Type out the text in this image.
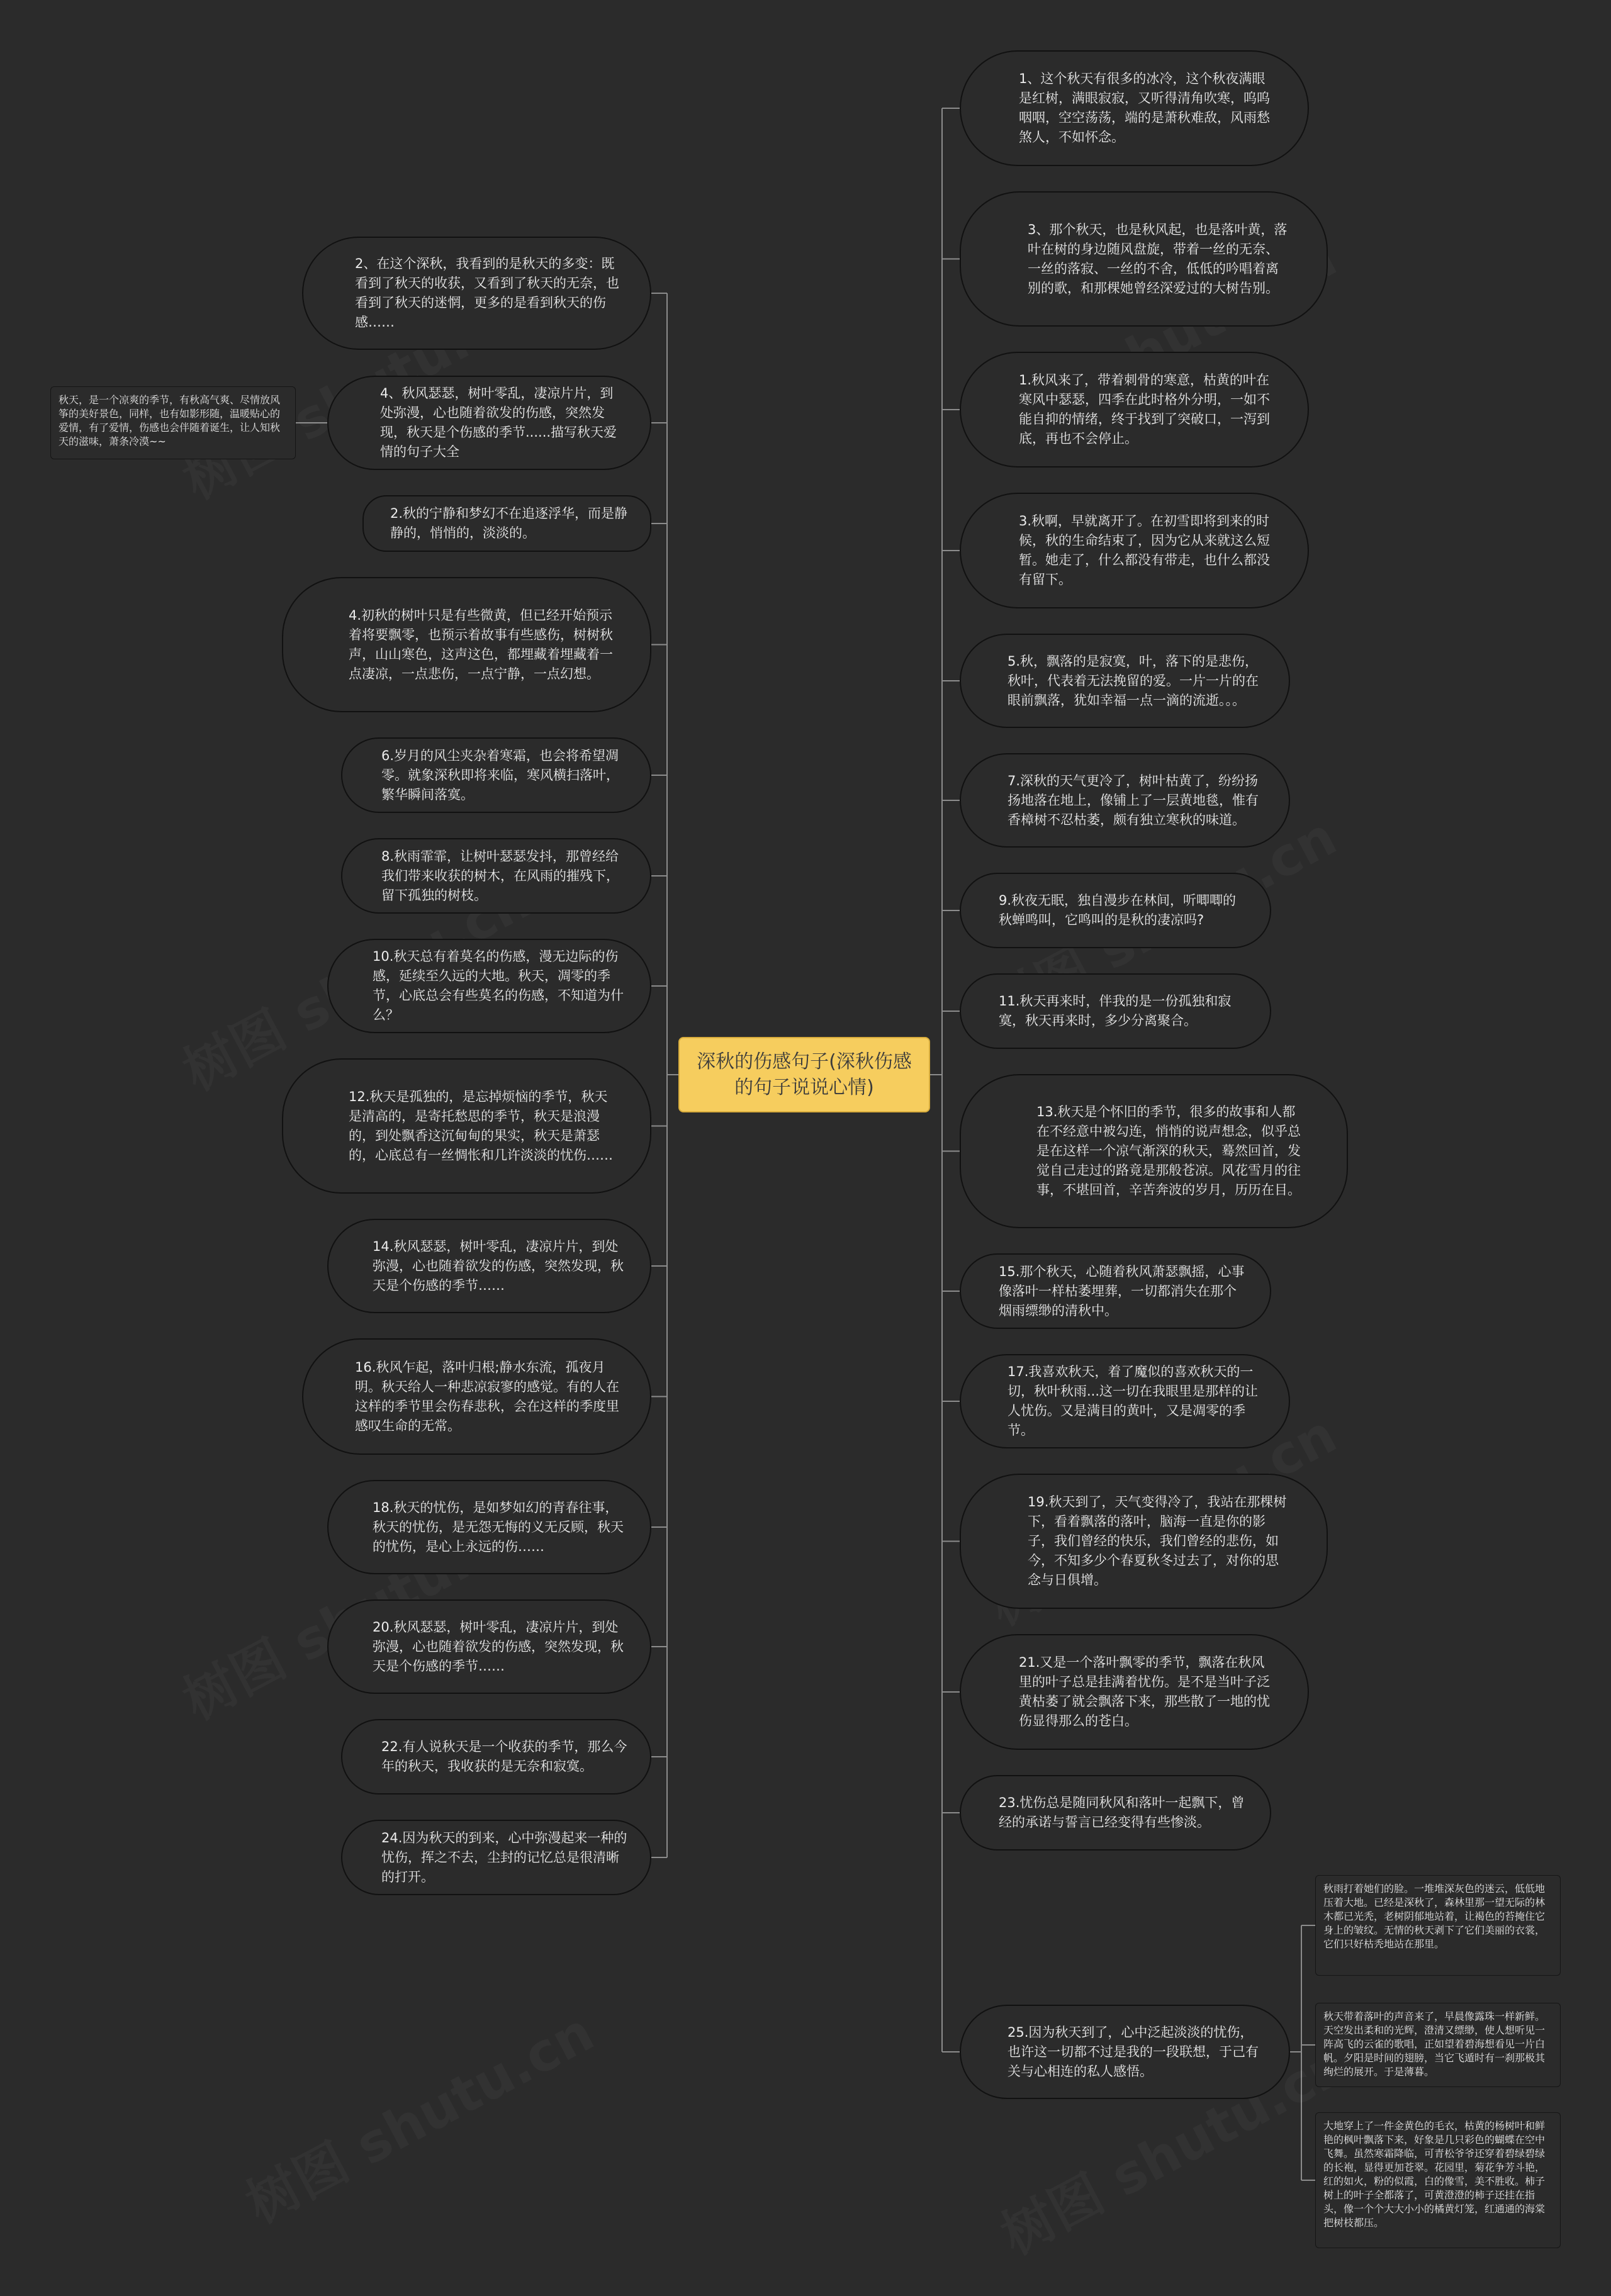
深秋的伤感句子(深秋伤感的句子说说心情)
2、在这个深秋，我看到的是秋天的多变：既看到了秋天的收获，又看到了秋天的无奈，也看到了秋天的迷惘，更多的是看到秋天的伤感……
4、秋风瑟瑟，树叶零乱，凄凉片片，到处弥漫，心也随着欲发的伤感，突然发现，秋天是个伤感的季节......描写秋天爱情的句子大全
2.秋的宁静和梦幻不在追逐浮华，而是静静的，悄悄的，淡淡的。
4.初秋的树叶只是有些微黄，但已经开始预示着将要飘零，也预示着故事有些感伤，树树秋声，山山寒色，这声这色，都埋藏着埋藏着一点凄凉，一点悲伤，一点宁静，一点幻想。
6.岁月的风尘夹杂着寒霜，也会将希望凋零。就象深秋即将来临，寒风横扫落叶，繁华瞬间落寞。
8.秋雨霏霏，让树叶瑟瑟发抖，那曾经给我们带来收获的树木，在风雨的摧残下，留下孤独的树枝。
10.秋天总有着莫名的伤感，漫无边际的伤感，延续至久远的大地。秋天，凋零的季节，心底总会有些莫名的伤感，不知道为什么？
12.秋天是孤独的，是忘掉烦恼的季节，秋天是清高的，是寄托愁思的季节，秋天是浪漫的，到处飘香这沉甸甸的果实，秋天是萧瑟的，心底总有一丝惆怅和几许淡淡的忧伤……
14.秋风瑟瑟，树叶零乱，凄凉片片，到处弥漫，心也随着欲发的伤感，突然发现，秋天是个伤感的季节……
16.秋风乍起，落叶归根;静水东流，孤夜月明。秋天给人一种悲凉寂寥的感觉。有的人在这样的季节里会伤春悲秋，会在这样的季度里感叹生命的无常。
18.秋天的忧伤，是如梦如幻的青春往事，秋天的忧伤，是无怨无悔的义无反顾，秋天的忧伤，是心上永远的伤……
20.秋风瑟瑟，树叶零乱，凄凉片片，到处弥漫，心也随着欲发的伤感，突然发现，秋天是个伤感的季节……
22.有人说秋天是一个收获的季节，那么今年的秋天，我收获的是无奈和寂寞。
24.因为秋天的到来，心中弥漫起来一种的忧伤，挥之不去，尘封的记忆总是很清晰的打开。
秋天，是一个凉爽的季节，有秋高气爽、尽情放风筝的美好景色，同样，也有如影形随，温暖贴心的爱情，有了爱情，伤感也会伴随着诞生，让人知秋天的滋味，萧条冷漠~~
1、这个秋天有很多的冰冷，这个秋夜满眼是红树，满眼寂寂，又听得清角吹寒，呜呜咽咽，空空荡荡，端的是萧秋难敌，风雨愁煞人，不如怀念。
3、那个秋天，也是秋风起，也是落叶黄，落叶在树的身边随风盘旋，带着一丝的无奈、一丝的落寂、一丝的不舍，低低的吟唱着离别的歌，和那棵她曾经深爱过的大树告别。
1.秋风来了，带着刺骨的寒意，枯黄的叶在寒风中瑟瑟，四季在此时格外分明，一如不能自抑的情绪，终于找到了突破口，一泻到底，再也不会停止。
3.秋啊，早就离开了。在初雪即将到来的时候，秋的生命结束了，因为它从来就这么短暂。她走了，什么都没有带走，也什么都没有留下。
5.秋，飘落的是寂寞，叶，落下的是悲伤，秋叶，代表着无法挽留的爱。一片一片的在眼前飘落，犹如幸福一点一滴的流逝。。。
7.深秋的天气更冷了，树叶枯黄了，纷纷扬扬地落在地上，像铺上了一层黄地毯，惟有香樟树不忍枯萎，颇有独立寒秋的味道。
9.秋夜无眠，独自漫步在林间，听唧唧的秋蝉鸣叫，它鸣叫的是秋的凄凉吗?
11.秋天再来时，伴我的是一份孤独和寂寞，秋天再来时，多少分离聚合。
13.秋天是个怀旧的季节，很多的故事和人都在不经意中被勾连，悄悄的说声想念，似乎总是在这样一个凉气渐深的秋天，蓦然回首，发觉自己走过的路竟是那般苍凉。风花雪月的往事，不堪回首，辛苦奔波的岁月，历历在目。
15.那个秋天，心随着秋风萧瑟飘摇，心事像落叶一样枯萎埋葬，一切都消失在那个烟雨缥缈的清秋中。
17.我喜欢秋天，着了魔似的喜欢秋天的一切，秋叶秋雨...这一切在我眼里是那样的让人忧伤。又是满目的黄叶，又是凋零的季节。
19.秋天到了，天气变得冷了，我站在那棵树下，看着飘落的落叶，脑海一直是你的影子，我们曾经的快乐，我们曾经的悲伤，如今，不知多少个春夏秋冬过去了，对你的思念与日俱增。
21.又是一个落叶飘零的季节，飘落在秋风里的叶子总是挂满着忧伤。是不是当叶子泛黄枯萎了就会飘落下来，那些散了一地的忧伤显得那么的苍白。
23.忧伤总是随同秋风和落叶一起飘下，曾经的承诺与誓言已经变得有些惨淡。
25.因为秋天到了，心中泛起淡淡的忧伤，也许这一切都不过是我的一段联想，于己有关与心相连的私人感悟。
秋雨打着她们的脸。一堆堆深灰色的迷云，低低地压着大地。已经是深秋了，森林里那一望无际的林木都已光秃，老树阴郁地站着，让褐色的苔掩住它身上的皱纹。无情的秋天剥下了它们美丽的衣裳，它们只好枯秃地站在那里。
秋天带着落叶的声音来了，早晨像露珠一样新鲜。天空发出柔和的光辉，澄清又缥缈，使人想听见一阵高飞的云雀的歌唱，正如望着碧海想看见一片白帆。夕阳是时间的翅膀，当它飞遁时有一刹那极其绚烂的展开。于是薄暮。
大地穿上了一件金黄色的毛衣，枯黄的杨树叶和鲜艳的枫叶飘落下来，好象是几只彩色的蝴蝶在空中飞舞。虽然寒霜降临，可青松爷爷还穿着碧绿碧绿的长袍，显得更加苍翠。花园里，菊花争芳斗艳，红的如火，粉的似霞，白的像雪，美不胜收。柿子树上的叶子全都落了，可黄澄澄的柿子还挂在指头，像一个个大大小小的橘黄灯笼，红通通的海棠把树枝都压。
